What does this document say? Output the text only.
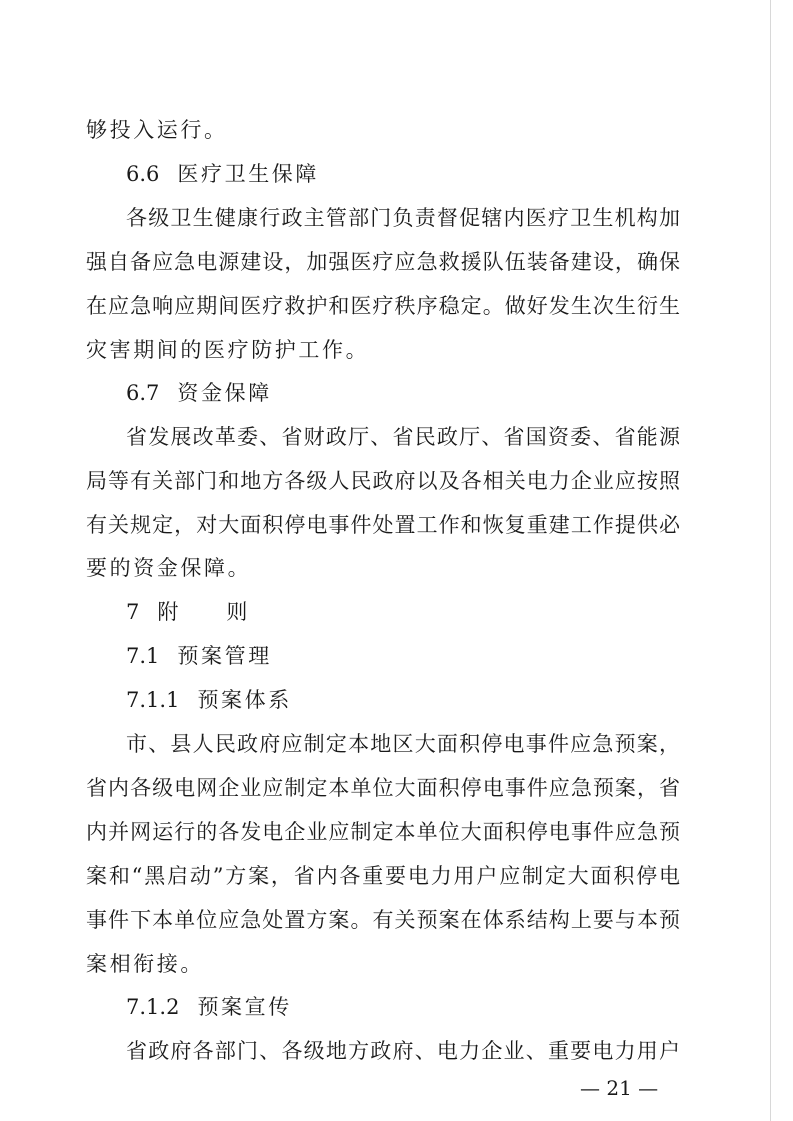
够投入运行。
6.6 医疗卫生保障
各级卫生健康行政主管部门负责督促辖内医疗卫生机构加
强自备应急电源建设，加强医疗应急救援队伍装备建设，确保
在应急响应期间医疗救护和医疗秩序稳定。做好发生次生衍生
灾害期间的医疗防护工作。
6.7 资金保障
省发展改革委、省财政厅、省民政厅、省国资委、省能源
局等有关部门和地方各级人民政府以及各相关电力企业应按照
有关规定，对大面积停电事件处置工作和恢复重建工作提供必
要的资金保障。
7 附　　则
7.1 预案管理
7.1.1 预案体系
市、县人民政府应制定本地区大面积停电事件应急预案，
省内各级电网企业应制定本单位大面积停电事件应急预案，省
内并网运行的各发电企业应制定本单位大面积停电事件应急预
案和“黑启动”方案，省内各重要电力用户应制定大面积停电
事件下本单位应急处置方案。有关预案在体系结构上要与本预
案相衔接。
7.1.2 预案宣传
省政府各部门、各级地方政府、电力企业、重要电力用户
— 21 —
